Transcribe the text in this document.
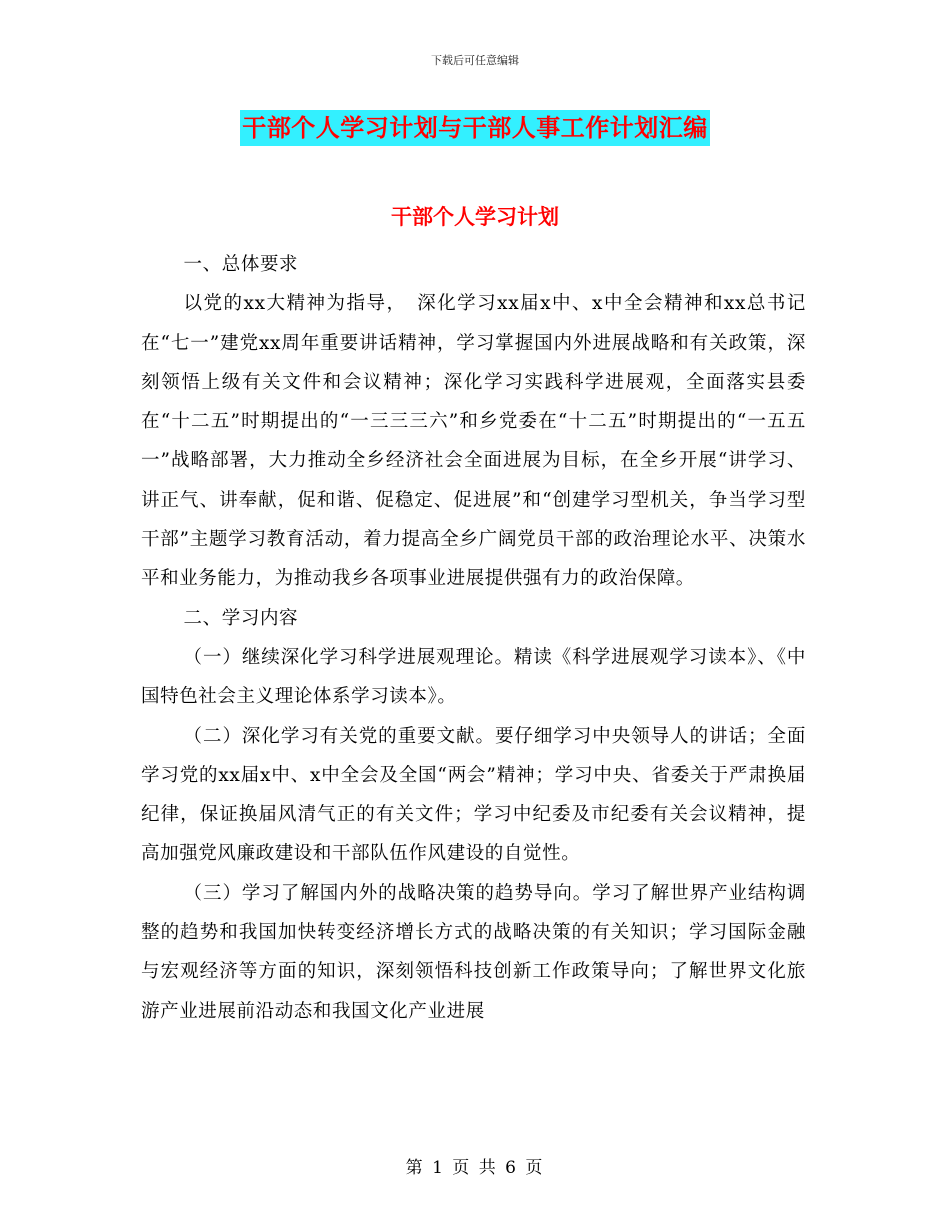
下载后可任意编辑
干部个人学习计划与干部人事工作计划汇编
干部个人学习计划

一、总体要求

以党的xx大精神为指导，　深化学习xx届x中、x中全会精神和xx总书记在“七一”建党xx周年重要讲话精神，学习掌握国内外进展战略和有关政策，深刻领悟上级有关文件和会议精神；深化学习实践科学进展观，全面落实县委在“十二五”时期提出的“一三三三六”和乡党委在“十二五”时期提出的“一五五一”战略部署，大力推动全乡经济社会全面进展为目标，在全乡开展“讲学习、讲正气、讲奉献，促和谐、促稳定、促进展”和“创建学习型机关，争当学习型干部”主题学习教育活动，着力提高全乡广阔党员干部的政治理论水平、决策水平和业务能力，为推动我乡各项事业进展提供强有力的政治保障。

二、学习内容

（一）继续深化学习科学进展观理论。精读《科学进展观学习读本》、《中国特色社会主义理论体系学习读本》。

（二）深化学习有关党的重要文献。要仔细学习中央领导人的讲话；全面学习党的xx届x中、x中全会及全国“两会”精神；学习中央、省委关于严肃换届纪律，保证换届风清气正的有关文件；学习中纪委及市纪委有关会议精神，提高加强党风廉政建设和干部队伍作风建设的自觉性。

（三）学习了解国内外的战略决策的趋势导向。学习了解世界产业结构调整的趋势和我国加快转变经济增长方式的战略决策的有关知识；学习国际金融与宏观经济等方面的知识，深刻领悟科技创新工作政策导向；了解世界文化旅游产业进展前沿动态和我国文化产业进展

第 1 页 共 6 页
